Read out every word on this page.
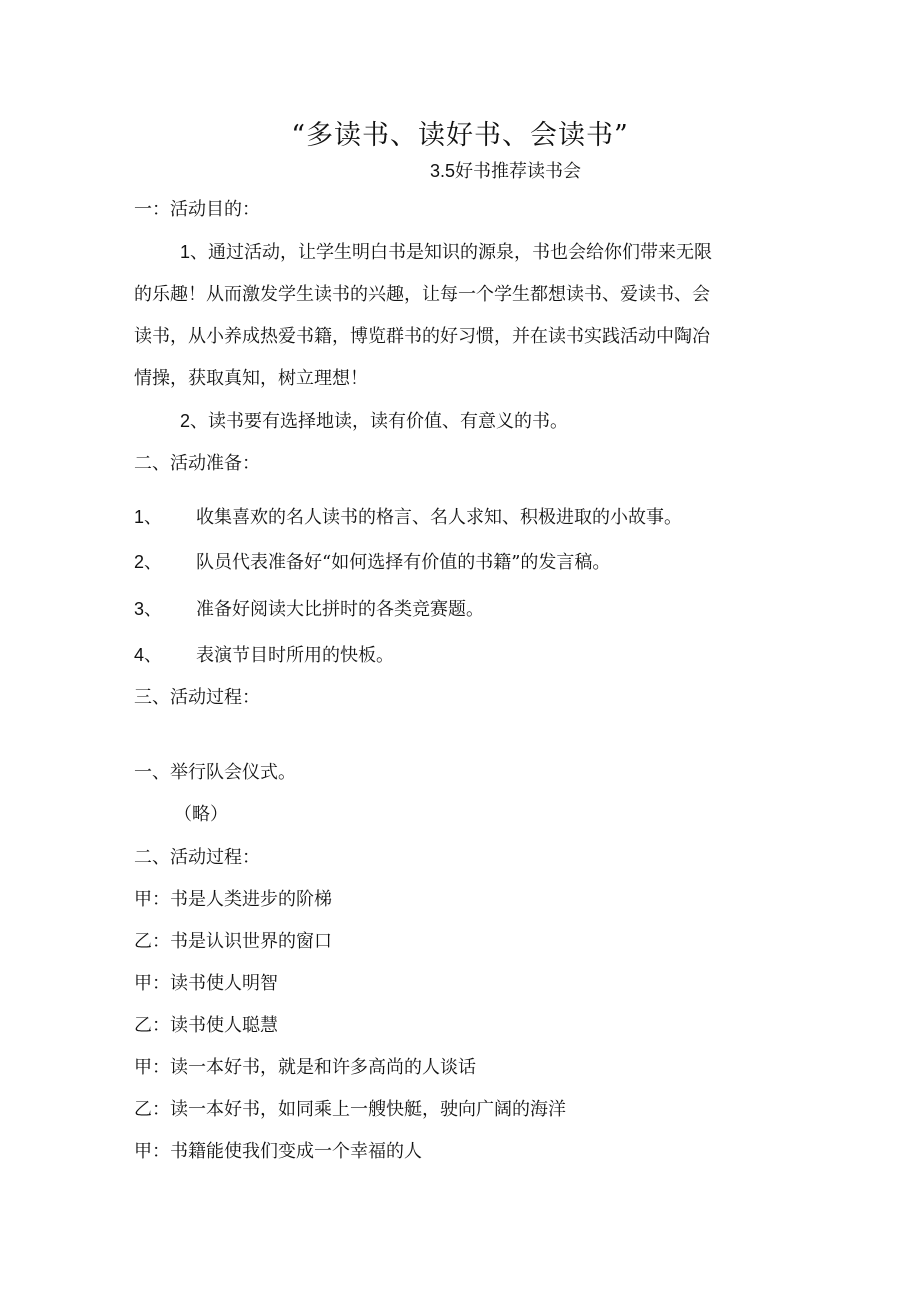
“多读书、读好书、会读书”
3.5好书推荐读书会
一：活动目的：
1、通过活动，让学生明白书是知识的源泉，书也会给你们带来无限
的乐趣！从而激发学生读书的兴趣，让每一个学生都想读书、爱读书、会
读书，从小养成热爱书籍，博览群书的好习惯，并在读书实践活动中陶冶
情操，获取真知，树立理想！
2、读书要有选择地读，读有价值、有意义的书。
二、活动准备：
1、 收集喜欢的名人读书的格言、名人求知、积极进取的小故事。
2、 队员代表准备好“如何选择有价值的书籍”的发言稿。
3、 准备好阅读大比拼时的各类竞赛题。
4、 表演节目时所用的快板。
三、活动过程：
一、举行队会仪式。
（略）
二、活动过程：
甲：书是人类进步的阶梯
乙：书是认识世界的窗口
甲：读书使人明智
乙：读书使人聪慧
甲：读一本好书，就是和许多高尚的人谈话
乙：读一本好书，如同乘上一艘快艇，驶向广阔的海洋
甲：书籍能使我们变成一个幸福的人
